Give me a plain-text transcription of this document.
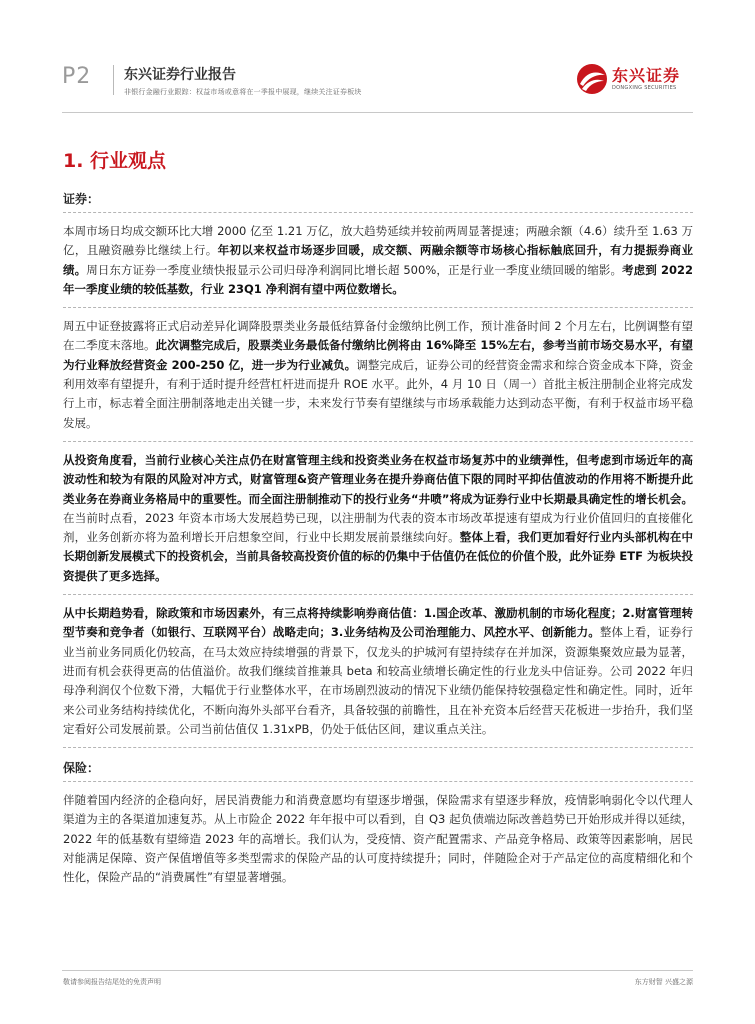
P2 东兴证券行业报告
非银行金融行业跟踪：权益市场或意将在一季报中展现，继续关注证券板块
东兴证券
DONGXING SECURITIES
1. 行业观点
证券：

本周市场日均成交额环比大增 2000 亿至 1.21 万亿，放大趋势延续并较前两周显著提速；两融余额（4.6）续升至 1.63 万亿，且融资融券比继续上行。年初以来权益市场逐步回暖，成交额、两融余额等市场核心指标触底回升，有力提振券商业绩。周日东方证券一季度业绩快报显示公司归母净利润同比增长超 500%，正是行业一季度业绩回暖的缩影。考虑到 2022 年一季度业绩的较低基数，行业 23Q1 净利润有望中两位数增长。

周五中证登披露将正式启动差异化调降股票类业务最低结算备付金缴纳比例工作，预计准备时间 2 个月左右，比例调整有望在二季度末落地。此次调整完成后，股票类业务最低备付缴纳比例将由 16%降至 15%左右，参考当前市场交易水平，有望为行业释放经营资金 200-250 亿，进一步为行业减负。调整完成后，证券公司的经营资金需求和综合资金成本下降，资金利用效率有望提升，有利于适时提升经营杠杆进而提升 ROE 水平。此外，4 月 10 日（周一）首批主板注册制企业将完成发行上市，标志着全面注册制落地走出关键一步，未来发行节奏有望继续与市场承载能力达到动态平衡，有利于权益市场平稳发展。

从投资角度看，当前行业核心关注点仍在财富管理主线和投资类业务在权益市场复苏中的业绩弹性，但考虑到市场近年的高波动性和较为有限的风险对冲方式，财富管理&资产管理业务在提升券商估值下限的同时平抑估值波动的作用将不断提升此类业务在券商业务格局中的重要性。而全面注册制推动下的投行业务“井喷”将成为证券行业中长期最具确定性的增长机会。在当前时点看，2023 年资本市场大发展趋势已现，以注册制为代表的资本市场改革提速有望成为行业价值回归的直接催化剂，业务创新亦将为盈利增长开启想象空间，行业中长期发展前景继续向好。整体上看，我们更加看好行业内头部机构在中长期创新发展模式下的投资机会，当前具备较高投资价值的标的仍集中于估值仍在低位的价值个股，此外证券 ETF 为板块投资提供了更多选择。

从中长期趋势看，除政策和市场因素外，有三点将持续影响券商估值：1.国企改革、激励机制的市场化程度；2.财富管理转型节奏和竞争者（如银行、互联网平台）战略走向；3.业务结构及公司治理能力、风控水平、创新能力。整体上看，证券行业当前业务同质化仍较高，在马太效应持续增强的背景下，仅龙头的护城河有望持续存在并加深，资源集聚效应最为显著，进而有机会获得更高的估值溢价。故我们继续首推兼具 beta 和较高业绩增长确定性的行业龙头中信证券。公司 2022 年归母净利润仅个位数下滑，大幅优于行业整体水平，在市场剧烈波动的情况下业绩仍能保持较强稳定性和确定性。同时，近年来公司业务结构持续优化，不断向海外头部平台看齐，具备较强的前瞻性，且在补充资本后经营天花板进一步抬升，我们坚定看好公司发展前景。公司当前估值仅 1.31xPB，仍处于低估区间，建议重点关注。

保险：

伴随着国内经济的企稳向好，居民消费能力和消费意愿均有望逐步增强，保险需求有望逐步释放，疫情影响弱化令以代理人渠道为主的各渠道加速复苏。从上市险企 2022 年年报中可以看到，自 Q3 起负债端边际改善趋势已开始形成并得以延续，2022 年的低基数有望缔造 2023 年的高增长。我们认为，受疫情、资产配置需求、产品竞争格局、政策等因素影响，居民对能满足保障、资产保值增值等多类型需求的保险产品的认可度持续提升；同时，伴随险企对于产品定位的高度精细化和个性化，保险产品的“消费属性”有望显著增强。

敬请参阅报告结尾处的免责声明	东方财智 兴盛之源
